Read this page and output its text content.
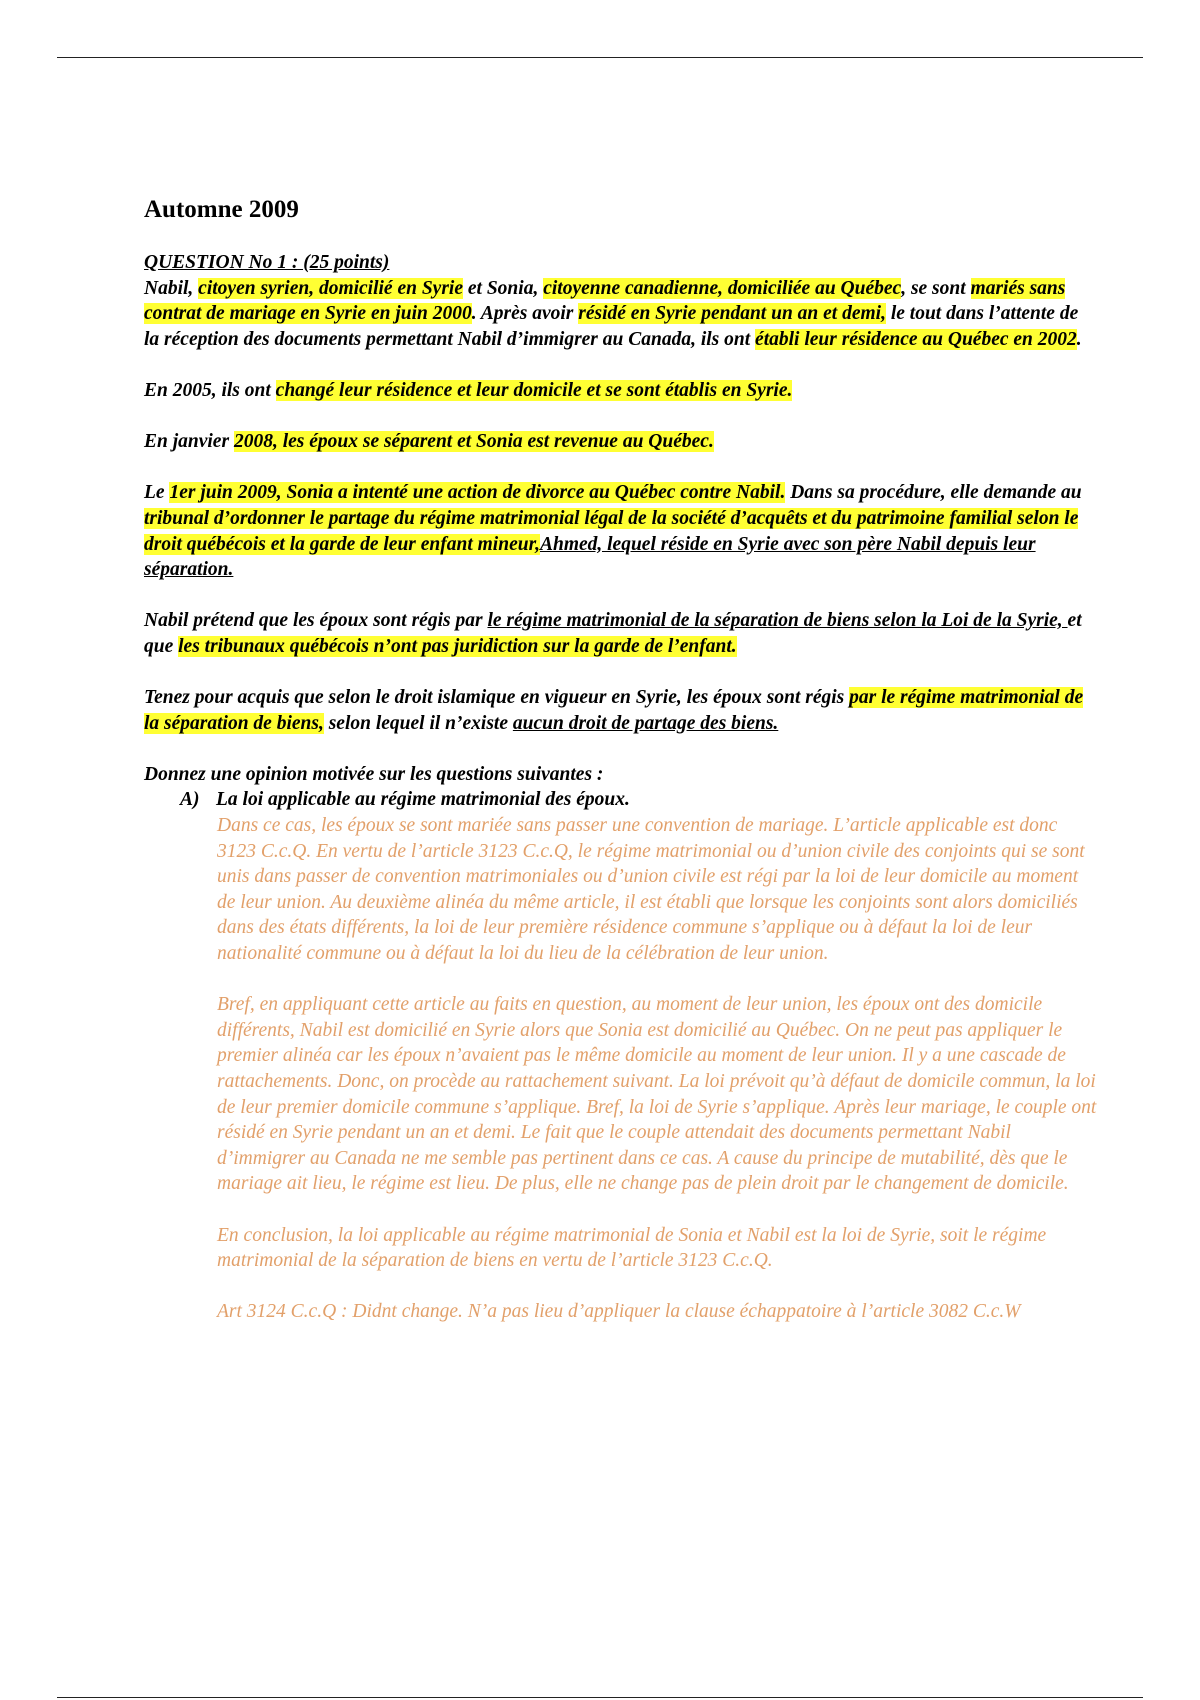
Automne 2009

QUESTION No 1 : (25 points)
Nabil, citoyen syrien, domicilié en Syrie et Sonia, citoyenne canadienne, domiciliée au Québec, se sont mariés sans contrat de mariage en Syrie en juin 2000. Après avoir résidé en Syrie pendant un an et demi, le tout dans l’attente de la réception des documents permettant Nabil d’immigrer au Canada, ils ont établi leur résidence au Québec en 2002.

En 2005, ils ont changé leur résidence et leur domicile et se sont établis en Syrie.

En janvier 2008, les époux se séparent et Sonia est revenue au Québec.

Le 1er juin 2009, Sonia a intenté une action de divorce au Québec contre Nabil. Dans sa procédure, elle demande au tribunal d’ordonner le partage du régime matrimonial légal de la société d’acquêts et du patrimoine familial selon le droit québécois et la garde de leur enfant mineur,Ahmed, lequel réside en Syrie avec son père Nabil depuis leur séparation.

Nabil prétend que les époux sont régis par le régime matrimonial de la séparation de biens selon la Loi de la Syrie, et que les tribunaux québécois n’ont pas juridiction sur la garde de l’enfant.

Tenez pour acquis que selon le droit islamique en vigueur en Syrie, les époux sont régis par le régime matrimonial de la séparation de biens, selon lequel il n’existe aucun droit de partage des biens.

Donnez une opinion motivée sur les questions suivantes :
A) La loi applicable au régime matrimonial des époux.

Dans ce cas, les époux se sont mariée sans passer une convention de mariage. L’article applicable est donc 3123 C.c.Q. En vertu de l’article 3123 C.c.Q, le régime matrimonial ou d’union civile des conjoints qui se sont unis dans passer de convention matrimoniales ou d’union civile est régi par la loi de leur domicile au moment de leur union. Au deuxième alinéa du même article, il est établi que lorsque les conjoints sont alors domiciliés dans des états différents, la loi de leur première résidence commune s’applique ou à défaut la loi de leur nationalité commune ou à défaut la loi du lieu de la célébration de leur union.

Bref, en appliquant cette article au faits en question, au moment de leur union, les époux ont des domicile différents, Nabil est domicilié en Syrie alors que Sonia est domicilié au Québec. On ne peut pas appliquer le premier alinéa car les époux n’avaient pas le même domicile au moment de leur union. Il y a une cascade de rattachements. Donc, on procède au rattachement suivant. La loi prévoit qu’à défaut de domicile commun, la loi de leur premier domicile commune s’applique. Bref, la loi de Syrie s’applique. Après leur mariage, le couple ont résidé en Syrie pendant un an et demi. Le fait que le couple attendait des documents permettant Nabil d’immigrer au Canada ne me semble pas pertinent dans ce cas. A cause du principe de mutabilité, dès que le mariage ait lieu, le régime est lieu. De plus, elle ne change pas de plein droit par le changement de domicile.

En conclusion, la loi applicable au régime matrimonial de Sonia et Nabil est la loi de Syrie, soit le régime matrimonial de la séparation de biens en vertu de l’article 3123 C.c.Q.

Art 3124 C.c.Q : Didnt change. N’a pas lieu d’appliquer la clause échappatoire à l’article 3082 C.c.W
